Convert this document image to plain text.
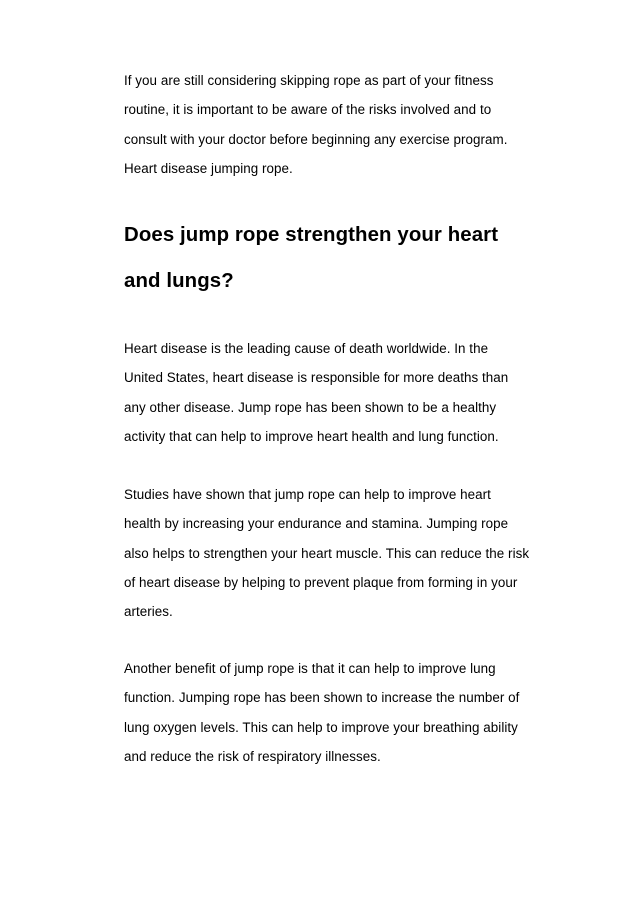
If you are still considering skipping rope as part of your fitness
routine, it is important to be aware of the risks involved and to
consult with your doctor before beginning any exercise program.
Heart disease jumping rope.

Does jump rope strengthen your heart
and lungs?

Heart disease is the leading cause of death worldwide. In the
United States, heart disease is responsible for more deaths than
any other disease. Jump rope has been shown to be a healthy
activity that can help to improve heart health and lung function.

Studies have shown that jump rope can help to improve heart
health by increasing your endurance and stamina. Jumping rope
also helps to strengthen your heart muscle. This can reduce the risk
of heart disease by helping to prevent plaque from forming in your
arteries.

Another benefit of jump rope is that it can help to improve lung
function. Jumping rope has been shown to increase the number of
lung oxygen levels. This can help to improve your breathing ability
and reduce the risk of respiratory illnesses.
